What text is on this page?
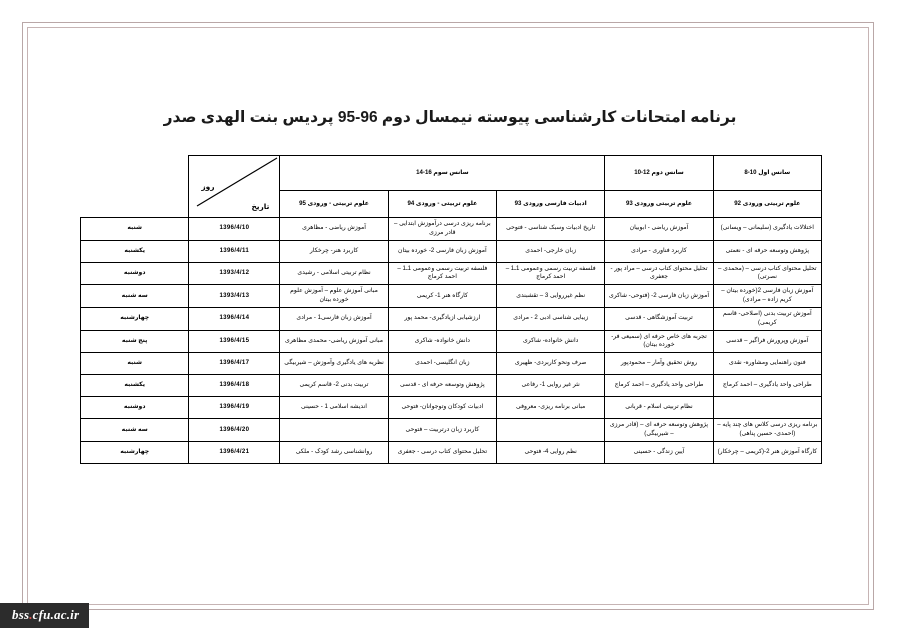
برنامه امتحانات کارشناسی پیوسته نیمسال دوم 96-95 پردیس بنت الهدی صدر
سانس اول 10-8	سانس دوم 12-10	سانس سوم 16-14			روز
تاریخ	

علوم تربیتی ورودی 92	علوم تربیتی ورودی 93	ادبیات فارسی ورودی 93	علوم تربیتی - ورودی 94	علوم تربیتی - ورودی 95		
اختلالات یادگیری (سلیمانی – ویسانی)	آموزش ریاضی - ابوبیان	تاریخ ادبیات وسبک شناسی - فتوحی	برنامه ریزی درسی درآموزش ابتدایی – قادر مرزی	آموزش ریاضی - مظاهری	1396/4/10	شنبه
پژوهش وتوسعه حرفه ای - نعمتی	کاربرد فناوری - مرادی	زبان خارجی- احمدی	آموزش زبان فارسی 2- خورده بیتان	کاربرد هنر- چرخکار	1396/4/11	یکشنبه
تحلیل محتوای کتاب درسی – (محمدی – نصرتی)	تحلیل محتوای کتاب درسی – مراد پور - جعفری	فلسفه تربیت رسمی وعمومی 1ـ1 – احمد کرماج	فلسفه تربیت رسمی وعمومی 1ـ1 – احمد کرماج	نظام تربیتی اسلامی - رشیدی	1393/4/12	دوشنبه
آموزش زبان فارسی 2(خورده بیتان – کریم زاده – مرادی)	آموزش زبان فارسی 2- (فتوحی- شاکری	نظم غیرروایی 3 – تقشبندی	کارگاه هنر 1- کریمی	مبانی آموزش علوم – آموزش علوم خورده بیتان	1393/4/13	سه شنبه
آموزش تربیت بدنی (اصلاحی- قاسم کریمی)	تربیت آموزشگاهی - قدسی	زیبایی شناسی ادبی 2 - مرادی	ارزشیابی ازیادگیری- محمد پور	آموزش زبان فارسی1 - مرادی	1396/4/14	چهارشنبه
آموزش وپرورش فراگیر – قدسی	تجربه های خاص حرفه ای (سمیعی فر- خورده بیتان)	دانش خانواده- شاکری	دانش خانواده- شاکری	مبانی آموزش ریاضی- محمدی مظاهری	1396/4/15	پنج شنبه
فنون راهنمایی ومشاوره- نقدی	روش تحقیق وآمار – محمودپور	صرف ونحو کاربردی- ظهیری	زبان انگلیسی- احمدی	نظریه های یادگیری وآموزش – شیربیگی	1396/4/17	شنبه
طراحی واحد یادگیری – احمد کرماج	طراحی واحد یادگیری – احمد کرماج	نثر غیر روایی 1- رفاعی	پژوهش وتوسعه حرفه ای - قدسی	تربیت بدنی 2- قاسم کریمی	1396/4/18	یکشنبه
	نظام تربیتی اسلام - قربانی	مبانی برنامه ریزی- معروفی	ادبیات کودکان وتوجوانان- فتوحی	اندیشه اسلامی 1 - حسینی	1396/4/19	دوشنبه
برنامه ریزی درسی کلاس های چند پایه – (احمدی- حسین پناهی)	پژوهش وتوسعه حرفه ای – (قادر مرزی – شیربیگی)		کاربرد زبان درتربیت – فتوحی		1396/4/20	سه شنبه
کارگاه آموزش هنر 2-(کریمی – چرخکار)	آیین زندگی - حسینی	نظم روایی 4- فتوحی	تحلیل محتوای کتاب درسی - جعفری	روانشناسی رشد کودک - ملکی	1396/4/21	چهارشنبه
bss.cfu.ac.ir
